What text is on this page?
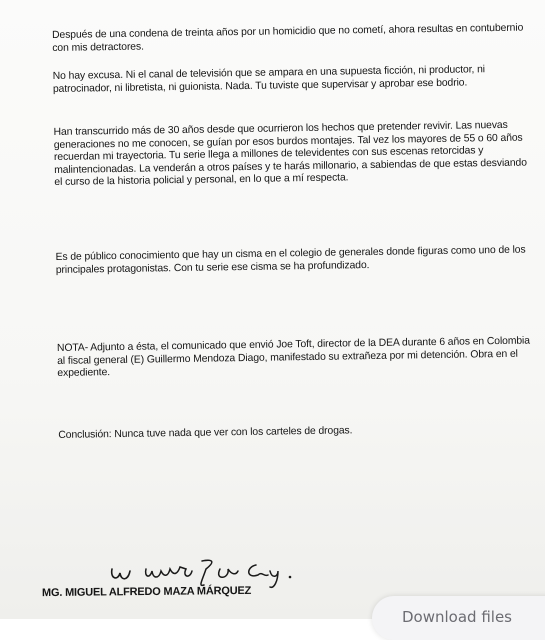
Después de una condena de treinta años por un homicidio que no cometí, ahora resultas en contubernio con mis detractores.

No hay excusa. Ni el canal de televisión que se ampara en una supuesta ficción, ni productor, ni patrocinador, ni libretista, ni guionista. Nada. Tu tuviste que supervisar y aprobar ese bodrio.

Han transcurrido más de 30 años desde que ocurrieron los hechos que pretender revivir. Las nuevas generaciones no me conocen, se guían por esos burdos montajes. Tal vez los mayores de 55 o 60 años recuerdan mi trayectoria. Tu serie llega a millones de televidentes con sus escenas retorcidas y malintencionadas. La venderán a otros países y te harás millonario, a sabiendas de que estas desviando el curso de la historia policial y personal, en lo que a mí respecta.

Es de público conocimiento que hay un cisma en el colegio de generales donde figuras como uno de los principales protagonistas. Con tu serie ese cisma se ha profundizado.

NOTA- Adjunto a ésta, el comunicado que envió Joe Toft, director de la DEA durante 6 años en Colombia al fiscal general (E) Guillermo Mendoza Diago, manifestado su extrañeza por mi detención. Obra en el expediente.

Conclusión: Nunca tuve nada que ver con los carteles de drogas.

MG. MIGUEL ALFREDO MAZA MÁRQUEZ
Download files
